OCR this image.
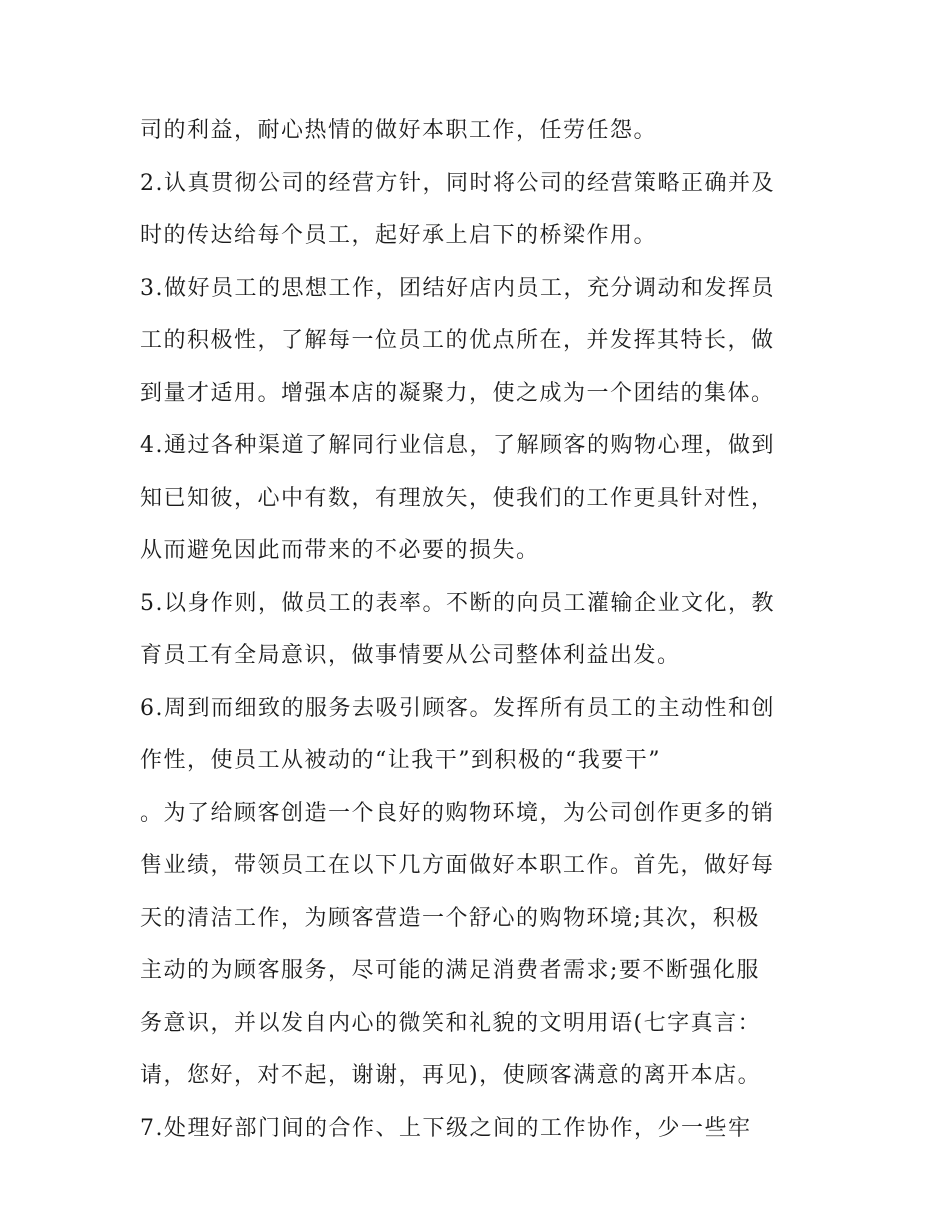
司的利益，耐心热情的做好本职工作，任劳任怨。
2.认真贯彻公司的经营方针，同时将公司的经营策略正确并及
时的传达给每个员工，起好承上启下的桥梁作用。
3.做好员工的思想工作，团结好店内员工，充分调动和发挥员
工的积极性，了解每一位员工的优点所在，并发挥其特长，做
到量才适用。增强本店的凝聚力，使之成为一个团结的集体。
4.通过各种渠道了解同行业信息，了解顾客的购物心理，做到
知已知彼，心中有数，有理放矢，使我们的工作更具针对性，
从而避免因此而带来的不必要的损失。
5.以身作则，做员工的表率。不断的向员工灌输企业文化，教
育员工有全局意识，做事情要从公司整体利益出发。
6.周到而细致的服务去吸引顾客。发挥所有员工的主动性和创
作性，使员工从被动的“让我干”到积极的“我要干”
。为了给顾客创造一个良好的购物环境，为公司创作更多的销
售业绩，带领员工在以下几方面做好本职工作。首先，做好每
天的清洁工作，为顾客营造一个舒心的购物环境;其次，积极
主动的为顾客服务，尽可能的满足消费者需求;要不断强化服
务意识，并以发自内心的微笑和礼貌的文明用语(七字真言：
请，您好，对不起，谢谢，再见)，使顾客满意的离开本店。
7.处理好部门间的合作、上下级之间的工作协作，少一些牢
